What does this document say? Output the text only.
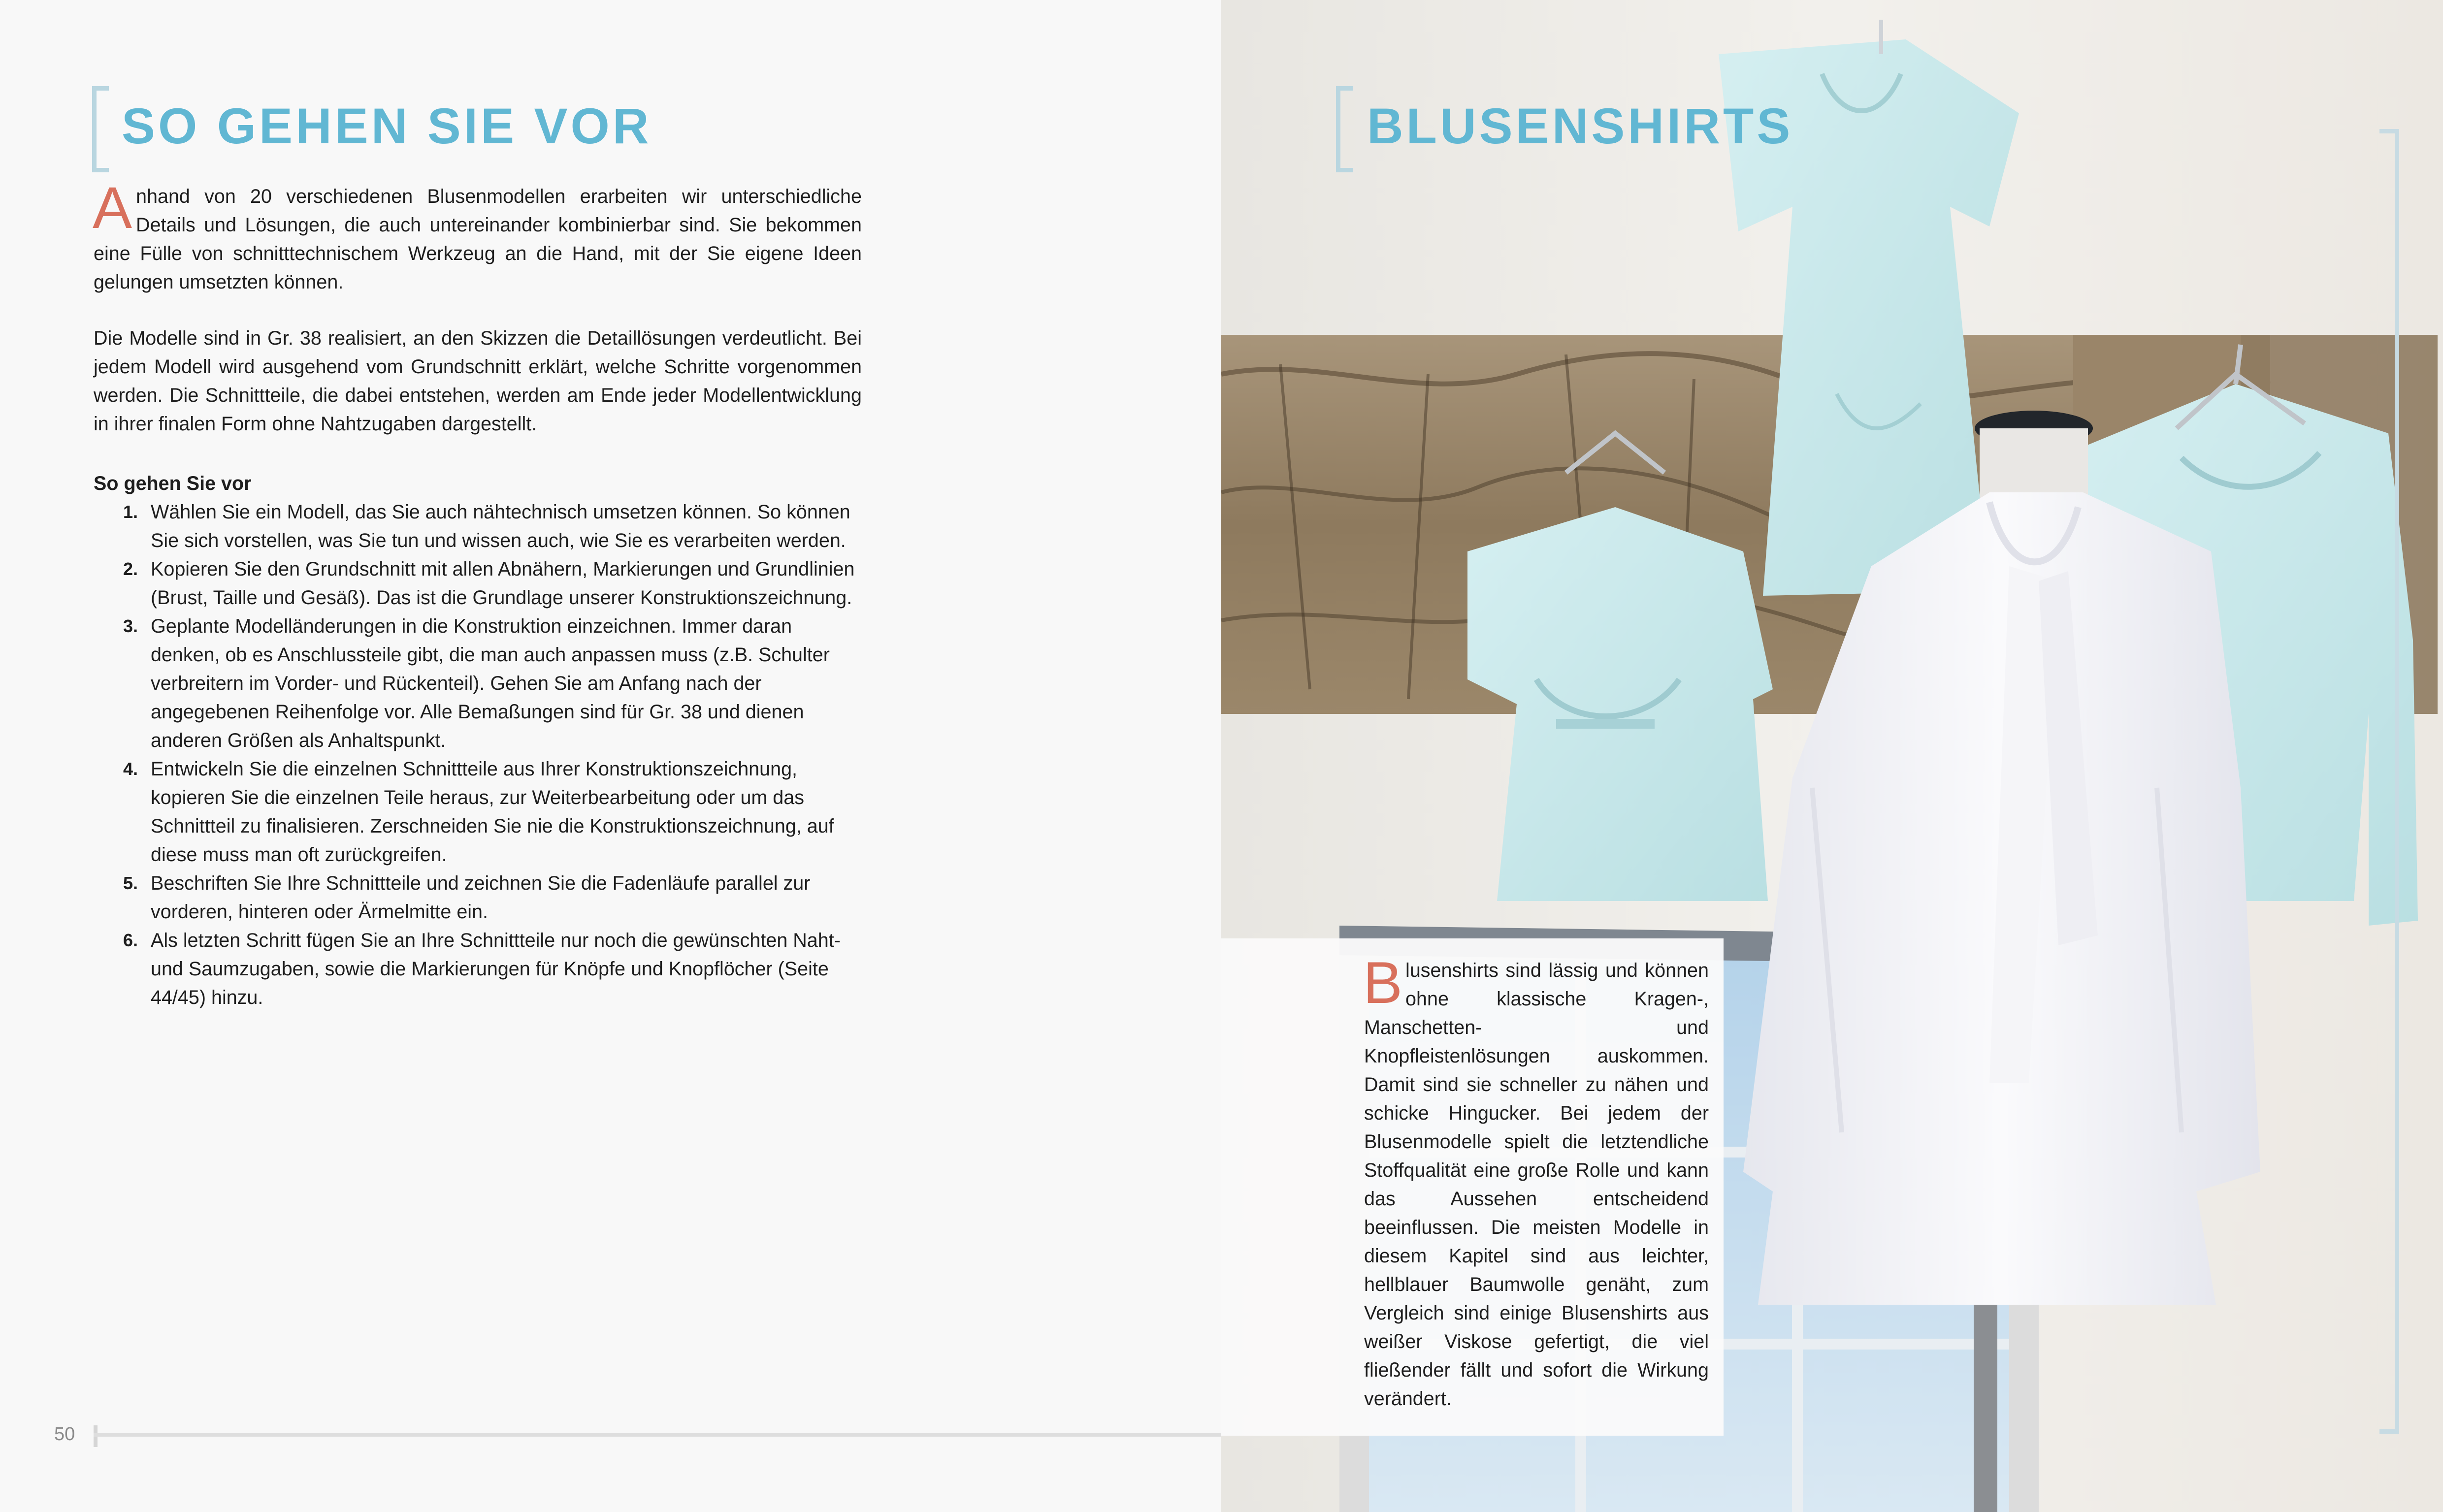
SO GEHEN SIE VOR

Anhand von 20 verschiedenen Blusenmodellen erarbeiten wir unterschiedliche Details und Lösungen, die auch untereinander kombinierbar sind. Sie bekommen eine Fülle von schnitttechnischem Werkzeug an die Hand, mit der Sie eigene Ideen gelungen umsetzten können.

Die Modelle sind in Gr. 38 realisiert, an den Skizzen die Detaillösungen verdeutlicht. Bei jedem Modell wird ausgehend vom Grundschnitt erklärt, welche Schritte vorgenommen werden. Die Schnittteile, die dabei entstehen, werden am Ende jeder Modellentwicklung in ihrer finalen Form ohne Nahtzugaben dargestellt.

So gehen Sie vor
1. Wählen Sie ein Modell, das Sie auch nähtechnisch umsetzen können. So können Sie sich vorstellen, was Sie tun und wissen auch, wie Sie es verarbeiten werden.
2. Kopieren Sie den Grundschnitt mit allen Abnähern, Markierungen und Grundlinien (Brust, Taille und Gesäß). Das ist die Grundlage unserer Konstruktionszeichnung.
3. Geplante Modelländerungen in die Konstruktion einzeichnen. Immer daran denken, ob es Anschlussteile gibt, die man auch anpassen muss (z.B. Schulter verbreitern im Vorder- und Rückenteil). Gehen Sie am Anfang nach der angegebenen Reihenfolge vor. Alle Bemaßungen sind für Gr. 38 und dienen anderen Größen als Anhaltspunkt.
4. Entwickeln Sie die einzelnen Schnittteile aus Ihrer Konstruktionszeichnung, kopieren Sie die einzelnen Teile heraus, zur Weiterbearbeitung oder um das Schnittteil zu finalisieren. Zerschneiden Sie nie die Konstruktionszeichnung, auf diese muss man oft zurückgreifen.
5. Beschriften Sie Ihre Schnittteile und zeichnen Sie die Fadenläufe parallel zur vorderen, hinteren oder Ärmelmitte ein.
6. Als letzten Schritt fügen Sie an Ihre Schnittteile nur noch die gewünschten Naht- und Saumzugaben, sowie die Markierungen für Knöpfe und Knopflöcher (Seite 44/45) hinzu.
50
BLUSENSHIRTS

Blusenshirts sind lässig und können ohne klassische Kragen-, Manschetten- und Knopfleistenlösungen auskommen. Damit sind sie schneller zu nähen und schicke Hingucker. Bei jedem der Blusenmodelle spielt die letztendliche Stoffqualität eine große Rolle und kann das Aussehen entscheidend beeinflussen. Die meisten Modelle in diesem Kapitel sind aus leichter, hellblauer Baumwolle genäht, zum Vergleich sind einige Blusenshirts aus weißer Viskose gefertigt, die viel fließender fällt und sofort die Wirkung verändert.
